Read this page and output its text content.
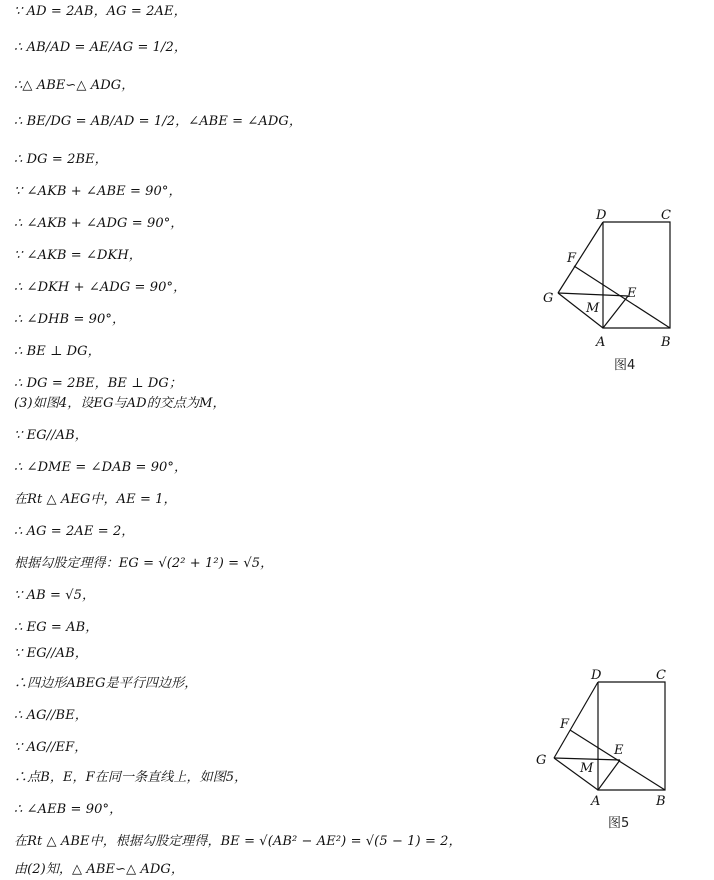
∵ AD = 2AB，AG = 2AE，
∴ AB/AD = AE/AG = 1/2，
∴△ ABE∽△ ADG，
∴ BE/DG = AB/AD = 1/2，∠ABE = ∠ADG，
∴ DG = 2BE，
∵ ∠AKB + ∠ABE = 90°，
∴ ∠AKB + ∠ADG = 90°，
∵ ∠AKB = ∠DKH，
∴ ∠DKH + ∠ADG = 90°，
∴ ∠DHB = 90°，
∴ BE ⊥ DG，
∴ DG = 2BE，BE ⊥ DG；
(3)如图4，设EG与AD的交点为M，
∵ EG//AB，
∴ ∠DME = ∠DAB = 90°，
在Rt △ AEG中，AE = 1，
∴ AG = 2AE = 2，
根据勾股定理得：EG = √(2² + 1²) = √5，
∵ AB = √5，
∴ EG = AB，
∵ EG//AB，
∴四边形ABEG是平行四边形，
∴ AG//BE，
∵ AG//EF，
∴点B，E，F在同一条直线上，如图5，
∴ ∠AEB = 90°，
在Rt △ ABE中，根据勾股定理得，BE = √(AB² − AE²) = √(5 − 1) = 2，
由(2)知，△ ABE∽△ ADG，
D	C
F
E
G
M
A	B
图4
D	C
F
E
G
M
A	B
图5
